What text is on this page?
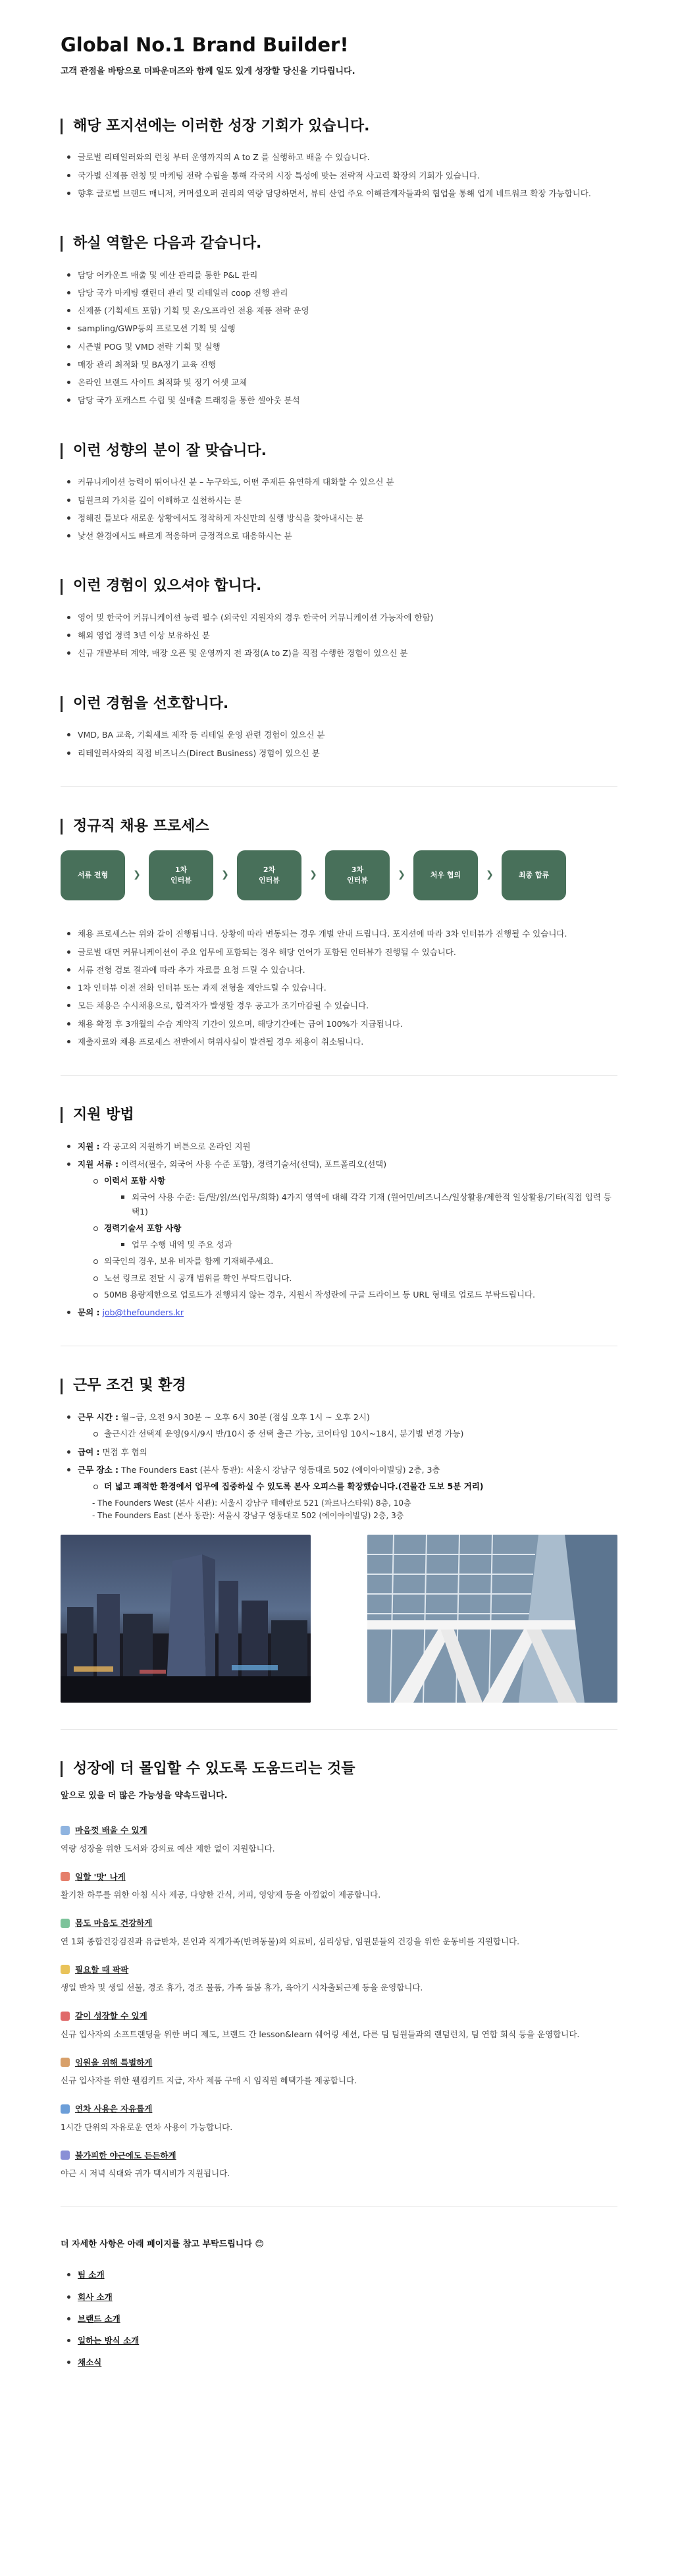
Global No.1 Brand Builder!
고객 관점을 바탕으로 더파운더즈와 함께 일도 있게 성장할 당신을 기다립니다.
해당 포지션에는 이러한 성장 기회가 있습니다.
글로벌 리테일러와의 런칭 부터 운영까지의 A to Z 를 실행하고 배울 수 있습니다.
국가별 신제품 런칭 및 마케팅 전략 수립을 통해 각국의 시장 특성에 맞는 전략적 사고력 확장의 기회가 있습니다.
향후 글로벌 브랜드 매니저, 커머셜오퍼 권리의 역량 담당하면서, 뷰티 산업 주요 이해관계자들과의 협업을 통해 업계 네트워크 확장 가능합니다.
하실 역할은 다음과 같습니다.
담당 어카운트 매출 및 예산 관리를 통한 P&L 관리
담당 국가 마케팅 캘린더 관리 및 리테일러 coop 진행 관리
신제품 (기획세트 포함) 기획 및 온/오프라인 전용 제품 전략 운영
sampling/GWP등의 프로모션 기획 및 실행
시즌별 POG 및 VMD 전략 기획 및 실행
매장 관리 최적화 및 BA정기 교육 진행
온라인 브랜드 사이트 최적화 및 정기 어셋 교체
담당 국가 포캐스트 수립 및 실매출 트래킹을 통한 셀아웃 분석
이런 성향의 분이 잘 맞습니다.
커뮤니케이션 능력이 뛰어나신 분 – 누구와도, 어떤 주제든 유연하게 대화할 수 있으신 분
팀원크의 가치를 깊이 이해하고 실천하시는 분
정해진 틀보다 새로운 상황에서도 정착하게 자신만의 실행 방식을 찾아내시는 분
낯선 환경에서도 빠르게 적응하며 긍정적으로 대응하시는 분
이런 경험이 있으셔야 합니다.
영어 및 한국어 커뮤니케이션 능력 필수 (외국인 지원자의 경우 한국어 커뮤니케이션 가능자에 한함)
해외 영업 경력 3년 이상 보유하신 분
신규 개발부터 계약, 매장 오픈 및 운영까지 전 과정(A to Z)을 직접 수행한 경험이 있으신 분
이런 경험을 선호합니다.
VMD, BA 교육, 기획세트 제작 등 리테일 운영 관련 경험이 있으신 분
리테일러사와의 직접 비즈니스(Direct Business) 경험이 있으신 분
정규직 채용 프로세스
서류 전형	❯
1차
인터뷰
❯
2차
인터뷰
❯
3차
인터뷰
❯	처우 협의	❯	최종 합류
채용 프로세스는 위와 같이 진행됩니다. 상황에 따라 변동되는 경우 개별 안내 드립니다. 포지션에 따라 3차 인터뷰가 진행될 수 있습니다.
글로벌 대면 커뮤니케이션이 주요 업무에 포함되는 경우 해당 언어가 포함된 인터뷰가 진행될 수 있습니다.
서류 전형 검토 결과에 따라 추가 자료를 요청 드릴 수 있습니다.
1차 인터뷰 이전 전화 인터뷰 또는 과제 전형을 제안드릴 수 있습니다.
모든 채용은 수시채용으로, 합격자가 발생할 경우 공고가 조기마감될 수 있습니다.
채용 확정 후 3개월의 수습 계약직 기간이 있으며, 해당기간에는 급여 100%가 지급됩니다.
제출자료와 채용 프로세스 전반에서 허위사실이 발견될 경우 채용이 취소됩니다.
지원 방법
지원 : 각 공고의 지원하기 버튼으로 온라인 지원
지원 서류 : 이력서(필수, 외국어 사용 수준 포함), 경력기술서(선택), 포트폴리오(선택)
이력서 포함 사항
외국어 사용 수준: 듣/말/읽/쓰(업무/회화) 4가지 영역에 대해 각각 기재 (원어민/비즈니스/일상활용/제한적 일상활용/기타(직접 입력 등 택1)
경력기술서 포함 사항
업무 수행 내역 및 주요 성과
외국인의 경우, 보유 비자를 함께 기재해주세요.
노션 링크로 전달 시 공개 범위를 확인 부탁드립니다.
50MB 용량제한으로 업로드가 진행되지 않는 경우, 지원서 작성란에 구글 드라이브 등 URL 형태로 업로드 부탁드립니다.
문의 : job@thefounders.kr
근무 조건 및 환경
근무 시간 : 월~금, 오전 9시 30분 ~ 오후 6시 30분 (점심 오후 1시 ~ 오후 2시)
출근시간 선택제 운영(9시/9시 반/10시 중 선택 출근 가능, 코어타임 10시~18시, 분기별 변경 가능)
급여 : 면접 후 협의
근무 장소 : The Founders East (본사 동관): 서울시 강남구 영동대로 502 (에이아이빌딩) 2층, 3층
더 넓고 쾌적한 환경에서 업무에 집중하실 수 있도록 본사 오피스를 확장했습니다.(건물간 도보 5분 거리)
- The Founders West (본사 서관): 서울시 강남구 테헤란로 521 (파르나스타워) 8층, 10층
- The Founders East (본사 동관): 서울시 강남구 영동대로 502 (에이아이빌딩) 2층, 3층
성장에 더 몰입할 수 있도록 도움드리는 것들
앞으로 있을 더 많은 가능성을 약속드립니다.
마음껏 배울 수 있게
역량 성장을 위한 도서와 강의료 예산 제한 없이 지원합니다.
일할 '맛' 나게
활기찬 하루를 위한 아침 식사 제공, 다양한 간식, 커피, 영양제 등을 아낌없이 제공합니다.
몸도 마음도 건강하게
연 1회 종합건강검진과 유급반차, 본인과 직계가족(반려동물)의 의료비, 심리상담, 임원분들의 건강을 위한 운동비를 지원합니다.
필요할 때 팍팍
생일 반차 및 생일 선물, 경조 휴가, 경조 물품, 가족 돌봄 휴가, 육아기 시차출퇴근제 등을 운영합니다.
같이 성장할 수 있게
신규 입사자의 소프트랜딩을 위한 버디 제도, 브랜드 간 lesson&learn 쉐어링 세션, 다른 팀 팀원들과의 랜덤런치, 팀 연합 회식 등을 운영합니다.
임원을 위해 특별하게
신규 입사자를 위한 웰컴키트 지급, 자사 제품 구매 시 임직원 혜택가를 제공합니다.
연차 사용은 자유롭게
1시간 단위의 자유로운 연차 사용이 가능합니다.
불가피한 야근에도 든든하게
야근 시 저녁 식대와 귀가 택시비가 지원됩니다.
더 자세한 사항은 아래 페이지를 참고 부탁드립니다 😊
팀 소개
회사 소개
브랜드 소개
일하는 방식 소개
채소식
